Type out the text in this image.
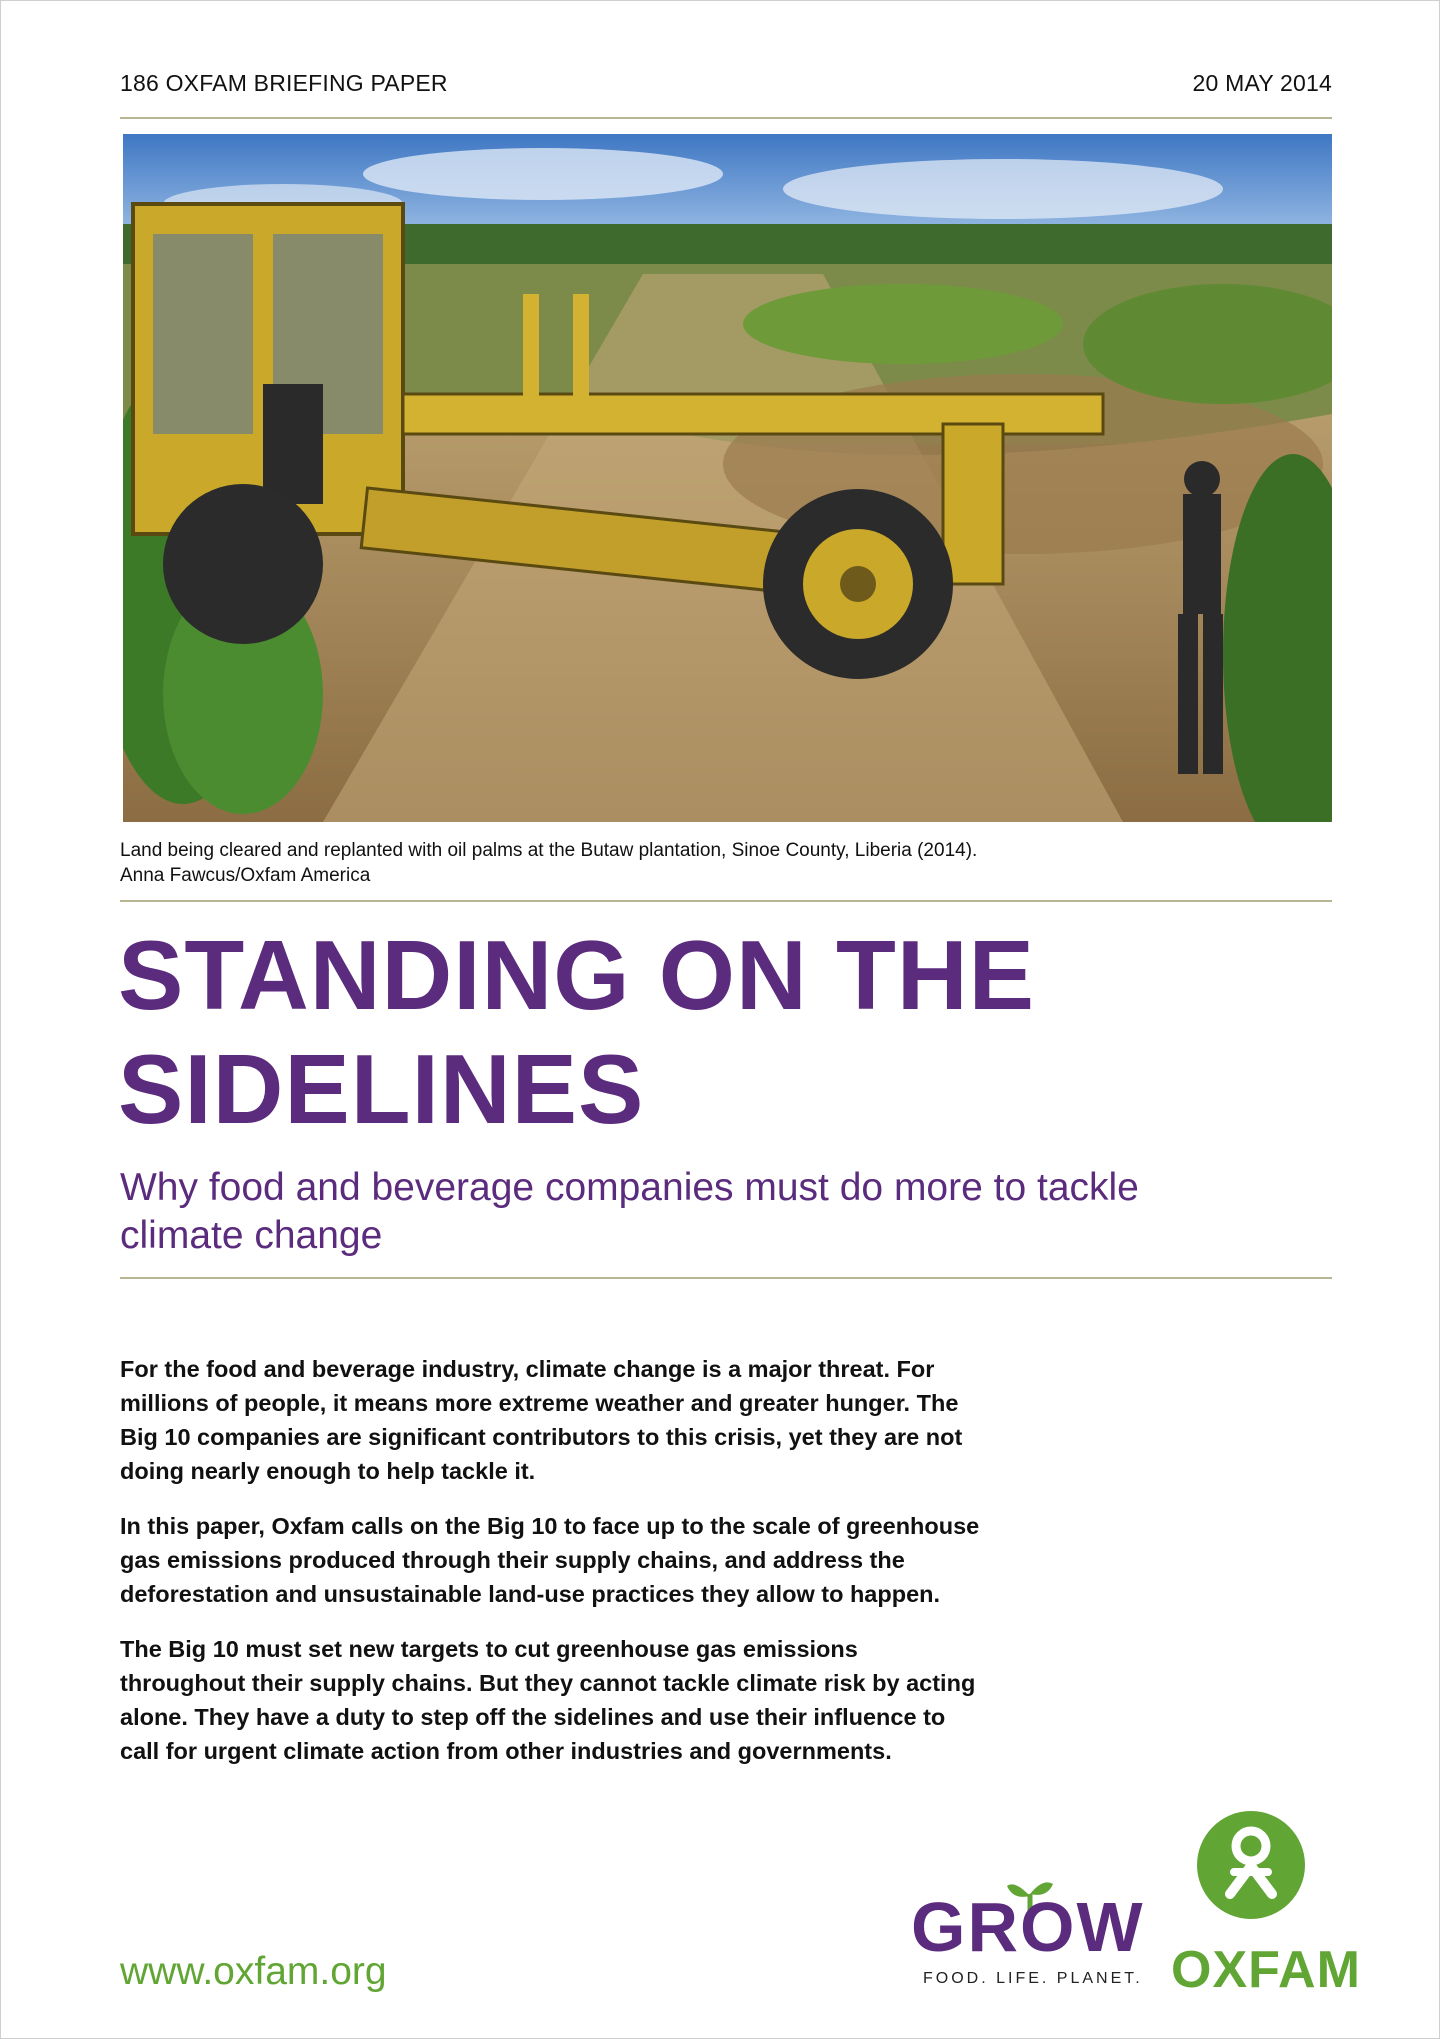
186 OXFAM BRIEFING PAPER	20 MAY 2014
Land being cleared and replanted with oil palms at the Butaw plantation, Sinoe County, Liberia (2014).
Anna Fawcus/Oxfam America
STANDING ON THE
SIDELINES
Why food and beverage companies must do more to tackle
climate change

For the food and beverage industry, climate change is a major threat. For
millions of people, it means more extreme weather and greater hunger. The
Big 10 companies are significant contributors to this crisis, yet they are not
doing nearly enough to help tackle it.

In this paper, Oxfam calls on the Big 10 to face up to the scale of greenhouse
gas emissions produced through their supply chains, and address the
deforestation and unsustainable land-use practices they allow to happen.

The Big 10 must set new targets to cut greenhouse gas emissions
throughout their supply chains. But they cannot tackle climate risk by acting
alone. They have a duty to step off the sidelines and use their influence to
call for urgent climate action from other industries and governments.

www.oxfam.org
GROW
FOOD. LIFE. PLANET. OXFAM
